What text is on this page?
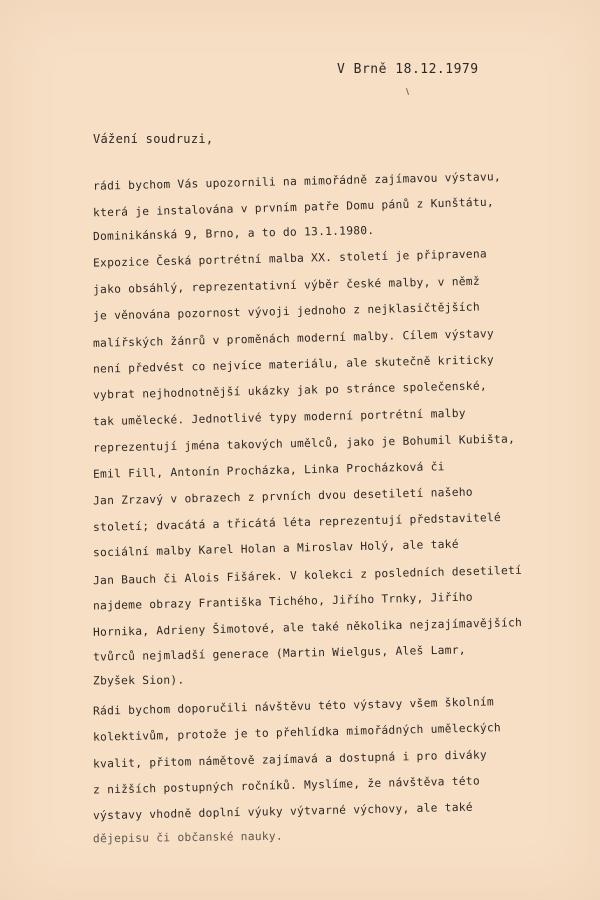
V Brně 18.12.1979
Vážení soudruzi,
rádi bychom Vás upozornili na mimořádně zajímavou výstavu,
která je instalována v prvním patře Domu pánů z Kunštátu,
Dominikánská 9, Brno, a to do 13.1.1980.
Expozice Česká portrétní malba XX. století je připravena
jako obsáhlý, reprezentativní výběr české malby, v němž
je věnována pozornost vývoji jednoho z nejklasičtějších
malířských žánrů v proměnách moderní malby. Cílem výstavy
není předvést co nejvíce materiálu, ale skutečně kriticky
vybrat nejhodnotnější ukázky jak po stránce společenské,
tak umělecké. Jednotlivé typy moderní portrétní malby
reprezentují jména takových umělců, jako je Bohumil Kubišta,
Emil Fill, Antonín Procházka, Linka Procházková či
Jan Zrzavý v obrazech z prvních dvou desetiletí našeho
století; dvacátá a třicátá léta reprezentují představitelé
sociální malby Karel Holan a Miroslav Holý, ale také
Jan Bauch či Alois Fišárek. V kolekci z posledních desetiletí
najdeme obrazy Františka Tichého, Jiřího Trnky, Jiřího
Hornika, Adrieny Šimotové, ale také několika nejzajímavějších
tvůrců nejmladší generace (Martin Wielgus, Aleš Lamr,
Zbyšek Sion).
Rádi bychom doporučili návštěvu této výstavy všem školním
kolektivům, protože je to přehlídka mimořádných uměleckých
kvalit, přitom námětově zajímavá a dostupná i pro diváky
z nižších postupných ročníků. Myslíme, že návštěva této
výstavy vhodně doplní výuky výtvarné výchovy, ale také
dějepisu či občanské nauky.
